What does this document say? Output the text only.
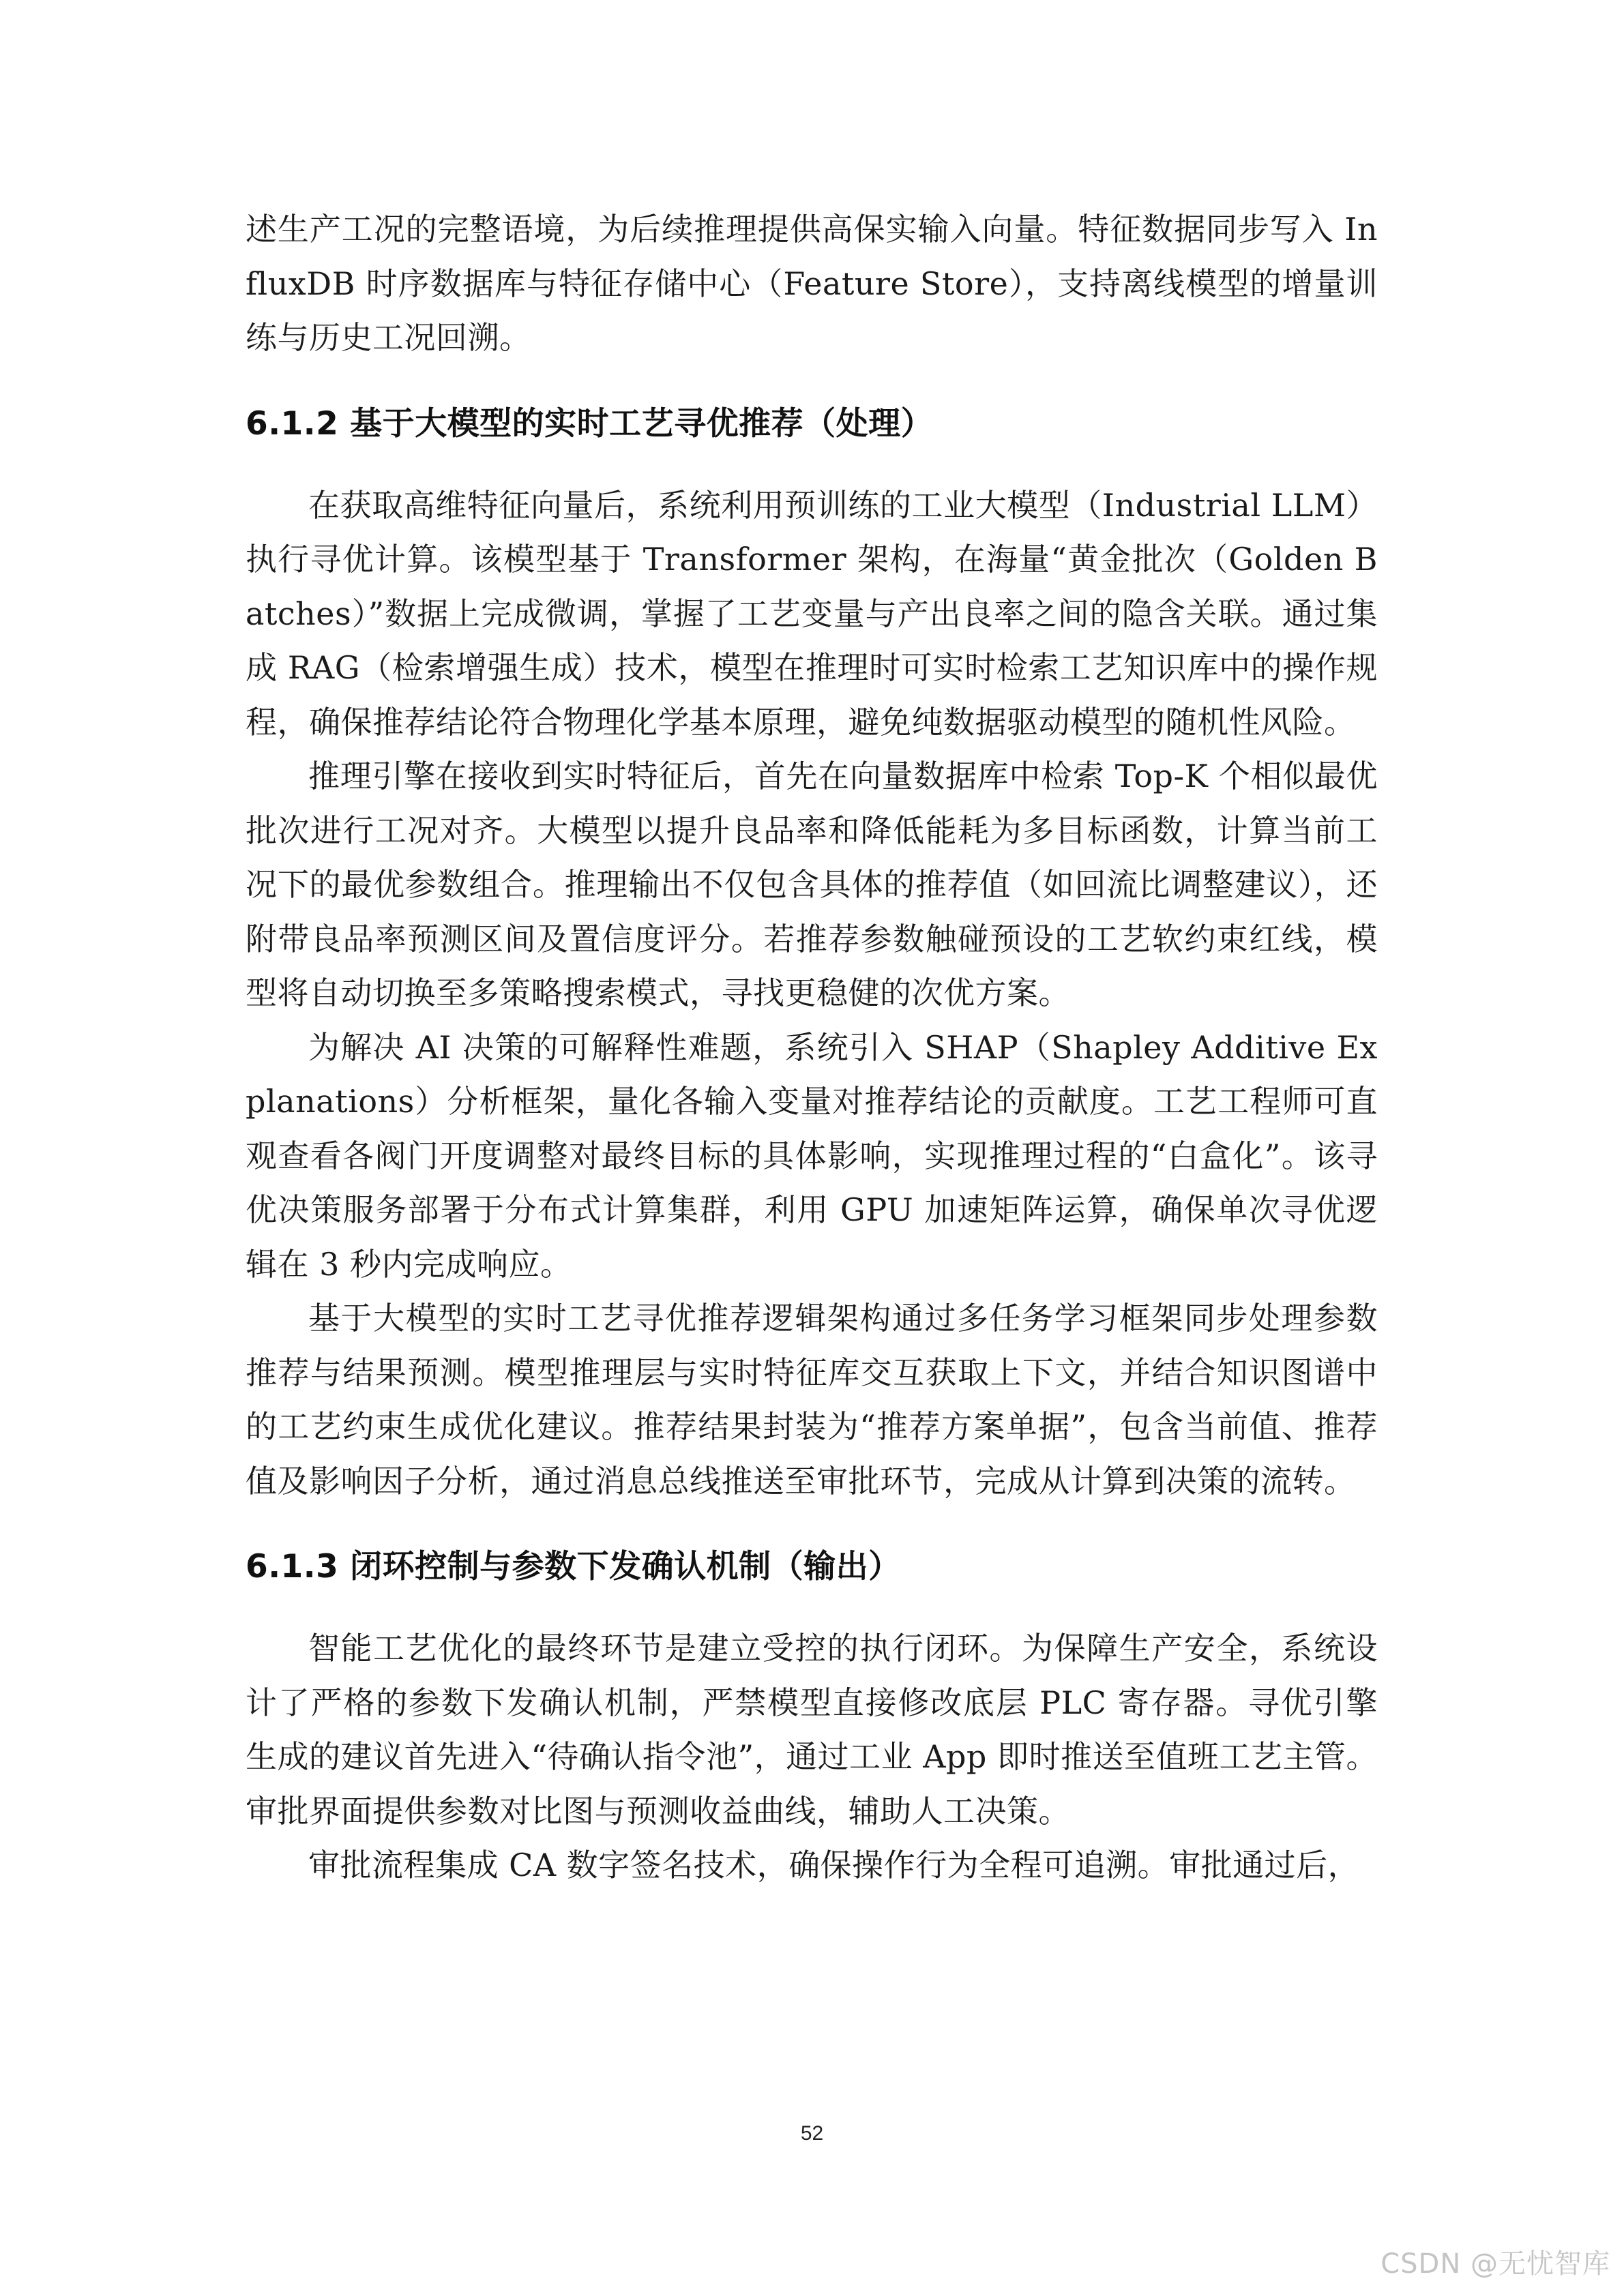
述生产工况的完整语境，为后续推理提供高保实输入向量。特征数据同步写入 InfluxDB 时序数据库与特征存储中心（Feature Store），支持离线模型的增量训练与历史工况回溯。

6.1.2 基于大模型的实时工艺寻优推荐（处理）

在获取高维特征向量后，系统利用预训练的工业大模型（Industrial LLM）执行寻优计算。该模型基于 Transformer 架构，在海量“黄金批次（Golden Batches）”数据上完成微调，掌握了工艺变量与产出良率之间的隐含关联。通过集成 RAG（检索增强生成）技术，模型在推理时可实时检索工艺知识库中的操作规程，确保推荐结论符合物理化学基本原理，避免纯数据驱动模型的随机性风险。

推理引擎在接收到实时特征后，首先在向量数据库中检索 Top-K 个相似最优批次进行工况对齐。大模型以提升良品率和降低能耗为多目标函数，计算当前工况下的最优参数组合。推理输出不仅包含具体的推荐值（如回流比调整建议），还附带良品率预测区间及置信度评分。若推荐参数触碰预设的工艺软约束红线，模型将自动切换至多策略搜索模式，寻找更稳健的次优方案。

为解决 AI 决策的可解释性难题，系统引入 SHAP（Shapley Additive Explanations）分析框架，量化各输入变量对推荐结论的贡献度。工艺工程师可直观查看各阀门开度调整对最终目标的具体影响，实现推理过程的“白盒化”。该寻优决策服务部署于分布式计算集群，利用 GPU 加速矩阵运算，确保单次寻优逻辑在 3 秒内完成响应。

基于大模型的实时工艺寻优推荐逻辑架构通过多任务学习框架同步处理参数推荐与结果预测。模型推理层与实时特征库交互获取上下文，并结合知识图谱中的工艺约束生成优化建议。推荐结果封装为“推荐方案单据”，包含当前值、推荐值及影响因子分析，通过消息总线推送至审批环节，完成从计算到决策的流转。

6.1.3 闭环控制与参数下发确认机制（输出）

智能工艺优化的最终环节是建立受控的执行闭环。为保障生产安全，系统设计了严格的参数下发确认机制，严禁模型直接修改底层 PLC 寄存器。寻优引擎生成的建议首先进入“待确认指令池”，通过工业 App 即时推送至值班工艺主管。审批界面提供参数对比图与预测收益曲线，辅助人工决策。

审批流程集成 CA 数字签名技术，确保操作行为全程可追溯。审批通过后，

52
CSDN @无忧智库
